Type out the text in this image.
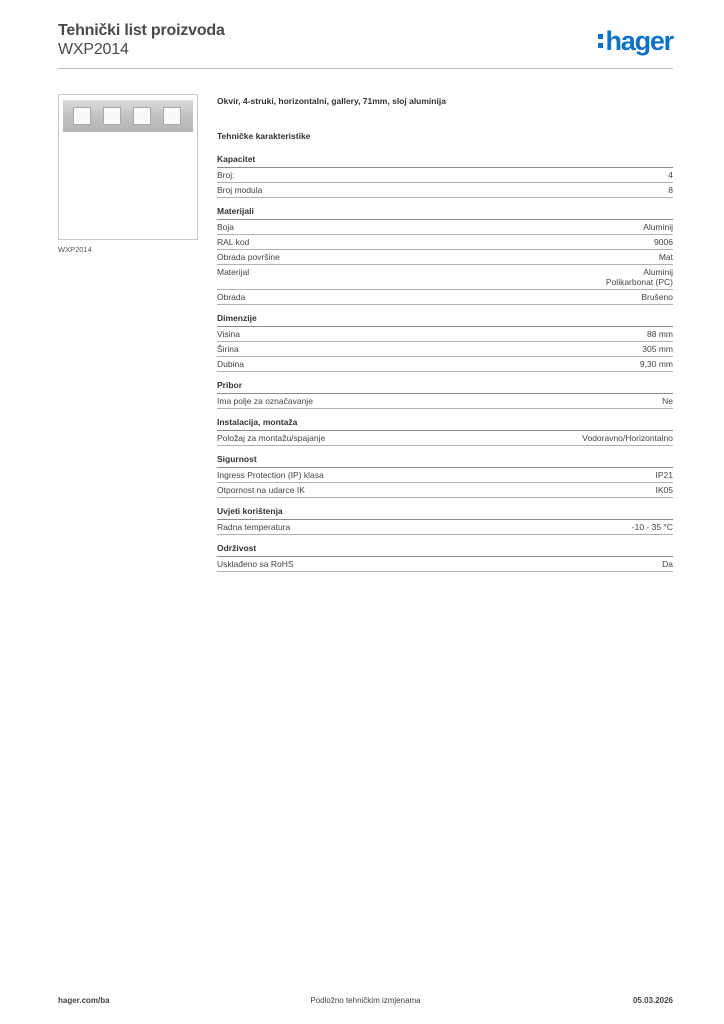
Tehnički list proizvoda
WXP2014	hager
WXP2014
Okvir, 4-struki, horizontalni, gallery, 71mm, sloj aluminija
Tehničke karakteristike
Kapacitet
Broj:	4
Broj modula	8
Materijali
Boja	Aluminij
RAL kod	9006
Obrada površine	Mat
Materijal	Aluminij
Polikarbonat (PC)
Obrada	Brušeno
Dimenzije
Visina	88 mm
Širina	305 mm
Dubina	9,30 mm
Pribor
Ima polje za označavanje	Ne
Instalacija, montaža
Položaj za montažu/spajanje	Vodoravno/Horizontalno
Sigurnost
Ingress Protection (IP) klasa	IP21
Otpornost na udarce IK	IK05
Uvjeti korištenja
Radna temperatura	-10 - 35 °C
Održivost
Usklađeno sa RoHS	Da
hager.com/ba	Podložno tehničkim izmjenama	05.03.2026
